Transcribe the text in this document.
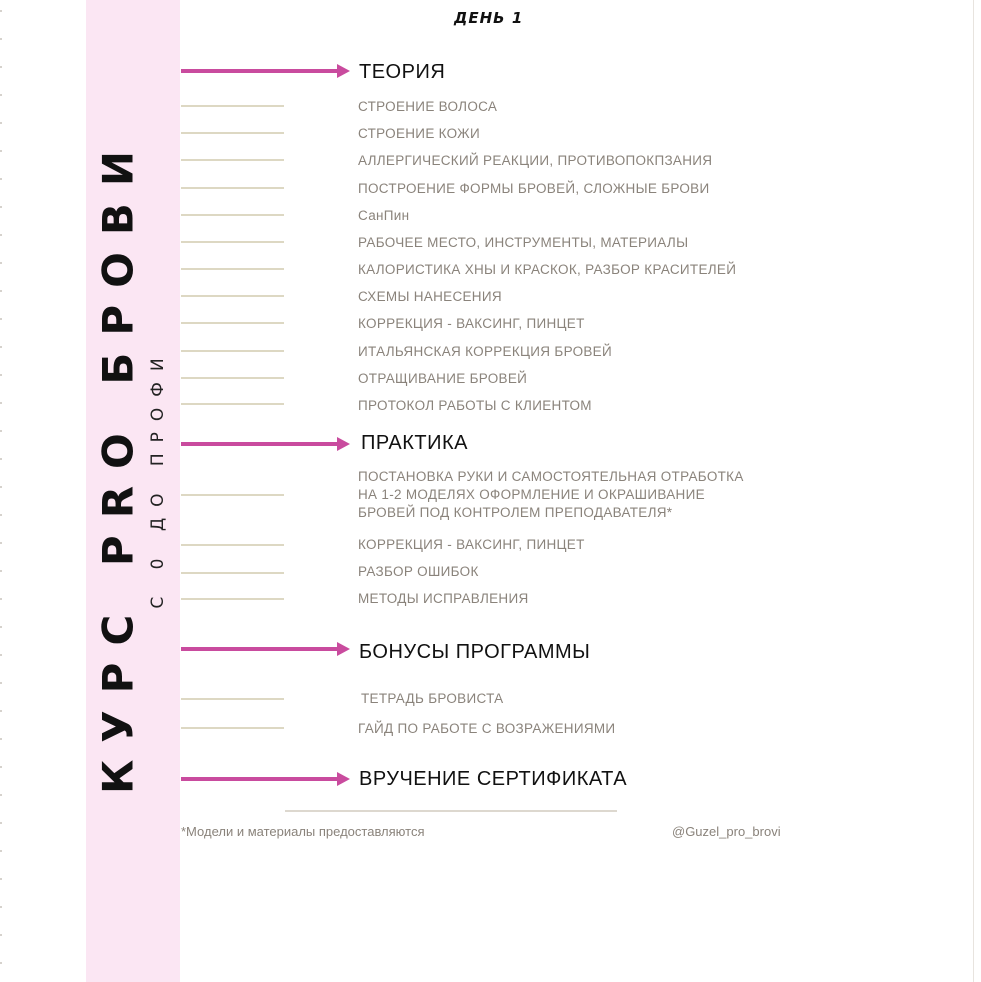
КУРС PRO БРОВИ С 0 ДО ПРОФИ
ДЕНЬ 1
ТЕОРИЯ
СТРОЕНИЕ ВОЛОСА
СТРОЕНИЕ КОЖИ
АЛЛЕРГИЧЕСКИЙ РЕАКЦИИ, ПРОТИВОПОКПЗАНИЯ
ПОСТРОЕНИЕ ФОРМЫ БРОВЕЙ, СЛОЖНЫЕ БРОВИ
СанПин
РАБОЧЕЕ МЕСТО, ИНСТРУМЕНТЫ, МАТЕРИАЛЫ
КАЛОРИСТИКА ХНЫ И КРАСКОК, РАЗБОР КРАСИТЕЛЕЙ
СХЕМЫ НАНЕСЕНИЯ
КОРРЕКЦИЯ - ВАКСИНГ, ПИНЦЕТ
ИТАЛЬЯНСКАЯ КОРРЕКЦИЯ БРОВЕЙ
ОТРАЩИВАНИЕ БРОВЕЙ
ПРОТОКОЛ РАБОТЫ С КЛИЕНТОМ
ПРАКТИКА
ПОСТАНОВКА РУКИ И САМОСТОЯТЕЛЬНАЯ ОТРАБОТКА
НА 1-2 МОДЕЛЯХ ОФОРМЛЕНИЕ И ОКРАШИВАНИЕ
БРОВЕЙ ПОД КОНТРОЛЕМ ПРЕПОДАВАТЕЛЯ*
КОРРЕКЦИЯ - ВАКСИНГ, ПИНЦЕТ
РАЗБОР ОШИБОК
МЕТОДЫ ИСПРАВЛЕНИЯ
БОНУСЫ ПРОГРАММЫ
ТЕТРАДЬ БРОВИСТА
ГАЙД ПО РАБОТЕ С ВОЗРАЖЕНИЯМИ
ВРУЧЕНИЕ СЕРТИФИКАТА
*Модели и материалы предоставляются	@Guzel_pro_brovi
